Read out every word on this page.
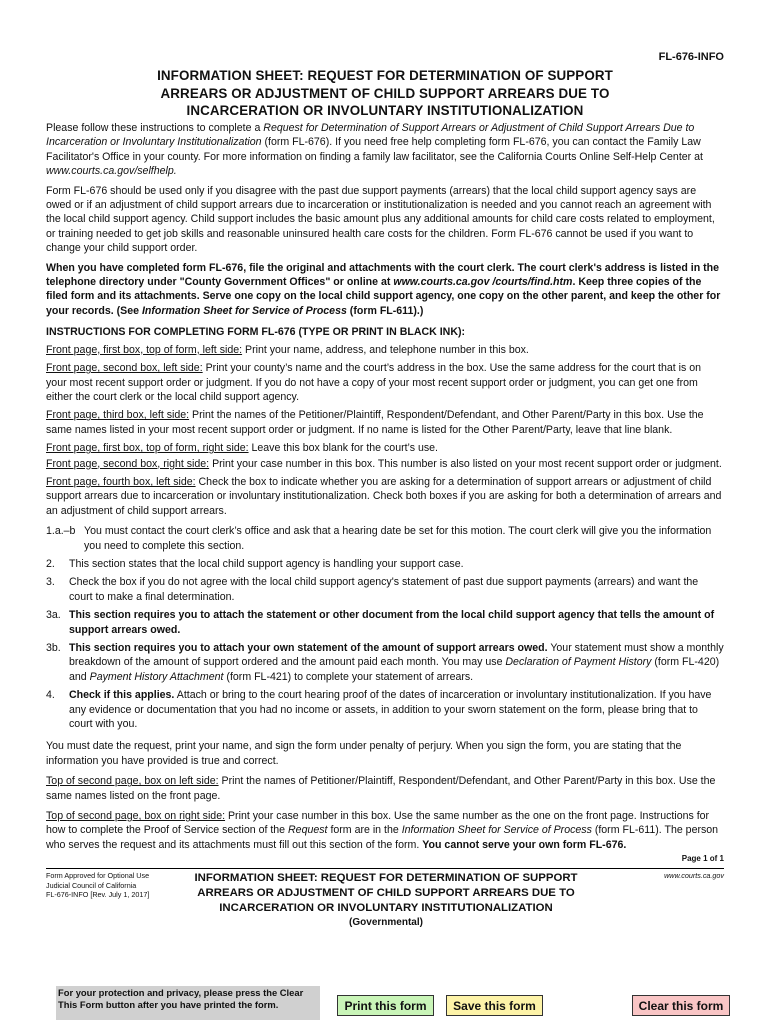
FL-676-INFO
INFORMATION SHEET: REQUEST FOR DETERMINATION OF SUPPORT
ARREARS OR ADJUSTMENT OF CHILD SUPPORT ARREARS DUE TO
INCARCERATION OR INVOLUNTARY INSTITUTIONALIZATION

Please follow these instructions to complete a Request for Determination of Support Arrears or Adjustment of Child Support Arrears Due to Incarceration or Involuntary Institutionalization (form FL-676). If you need free help completing form FL-676, you can contact the Family Law Facilitator's Office in your county. For more information on finding a family law facilitator, see the California Courts Online Self-Help Center at www.courts.ca.gov/selfhelp.

Form FL-676 should be used only if you disagree with the past due support payments (arrears) that the local child support agency says are owed or if an adjustment of child support arrears due to incarceration or institutionalization is needed and you cannot reach an agreement with the local child support agency. Child support includes the basic amount plus any additional amounts for child care costs related to employment, or training needed to get job skills and reasonable uninsured health care costs for the children. Form FL-676 cannot be used if you want to change your child support order.

When you have completed form FL-676, file the original and attachments with the court clerk. The court clerk's address is listed in the telephone directory under "County Government Offices" or online at www.courts.ca.gov /courts/find.htm. Keep three copies of the filed form and its attachments. Serve one copy on the local child support agency, one copy on the other parent, and keep the other for your records. (See Information Sheet for Service of Process (form FL-611).)

INSTRUCTIONS FOR COMPLETING FORM FL-676 (TYPE OR PRINT IN BLACK INK):
Front page, first box, top of form, left side: Print your name, address, and telephone number in this box.
Front page, second box, left side: Print your county’s name and the court’s address in the box. Use the same address for the court that is on your most recent support order or judgment. If you do not have a copy of your most recent support order or judgment, you can get one from either the court clerk or the local child support agency.
Front page, third box, left side: Print the names of the Petitioner/Plaintiff, Respondent/Defendant, and Other Parent/Party in this box. Use the same names listed in your most recent support order or judgment. If no name is listed for the Other Parent/Party, leave that line blank.
Front page, first box, top of form, right side: Leave this box blank for the court’s use.
Front page, second box, right side: Print your case number in this box. This number is also listed on your most recent support order or judgment.
Front page, fourth box, left side: Check the box to indicate whether you are asking for a determination of support arrears or adjustment of child support arrears due to incarceration or involuntary institutionalization. Check both boxes if you are asking for both a determination of arrears and an adjustment of child support arrears.
1.a.–b You must contact the court clerk’s office and ask that a hearing date be set for this motion. The court clerk will give you the information you need to complete this section.
2.	This section states that the local child support agency is handling your support case.
3.	Check the box if you do not agree with the local child support agency's statement of past due support payments (arrears) and want the court to make a final determination.
3a. This section requires you to attach the statement or other document from the local child support agency that tells the amount of support arrears owed.
3b. This section requires you to attach your own statement of the amount of support arrears owed. Your statement must show a monthly breakdown of the amount of support ordered and the amount paid each month. You may use Declaration of Payment History (form FL-420) and Payment History Attachment (form FL-421) to complete your statement of arrears.
4.	Check if this applies. Attach or bring to the court hearing proof of the dates of incarceration or involuntary institutionalization. If you have any evidence or documentation that you had no income or assets, in addition to your sworn statement on the form, please bring that to court with you.

You must date the request, print your name, and sign the form under penalty of perjury. When you sign the form, you are stating that the information you have provided is true and correct.

Top of second page, box on left side: Print the names of Petitioner/Plaintiff, Respondent/Defendant, and Other Parent/Party in this box. Use the same names listed on the front page.

Top of second page, box on right side: Print your case number in this box. Use the same number as the one on the front page. Instructions for how to complete the Proof of Service section of the Request form are in the Information Sheet for Service of Process (form FL-611). The person who serves the request and its attachments must fill out this section of the form. You cannot serve your own form FL-676.

Page 1 of 1
Form Approved for Optional Use
Judicial Council of California
FL-676-INFO [Rev. July 1, 2017]
INFORMATION SHEET: REQUEST FOR DETERMINATION OF SUPPORT
ARREARS OR ADJUSTMENT OF CHILD SUPPORT ARREARS DUE TO
INCARCERATION OR INVOLUNTARY INSTITUTIONALIZATION
(Governmental)
www.courts.ca.gov
For your protection and privacy, please press the Clear This Form button after you have printed the form.	Print this form	Save this form	Clear this form
